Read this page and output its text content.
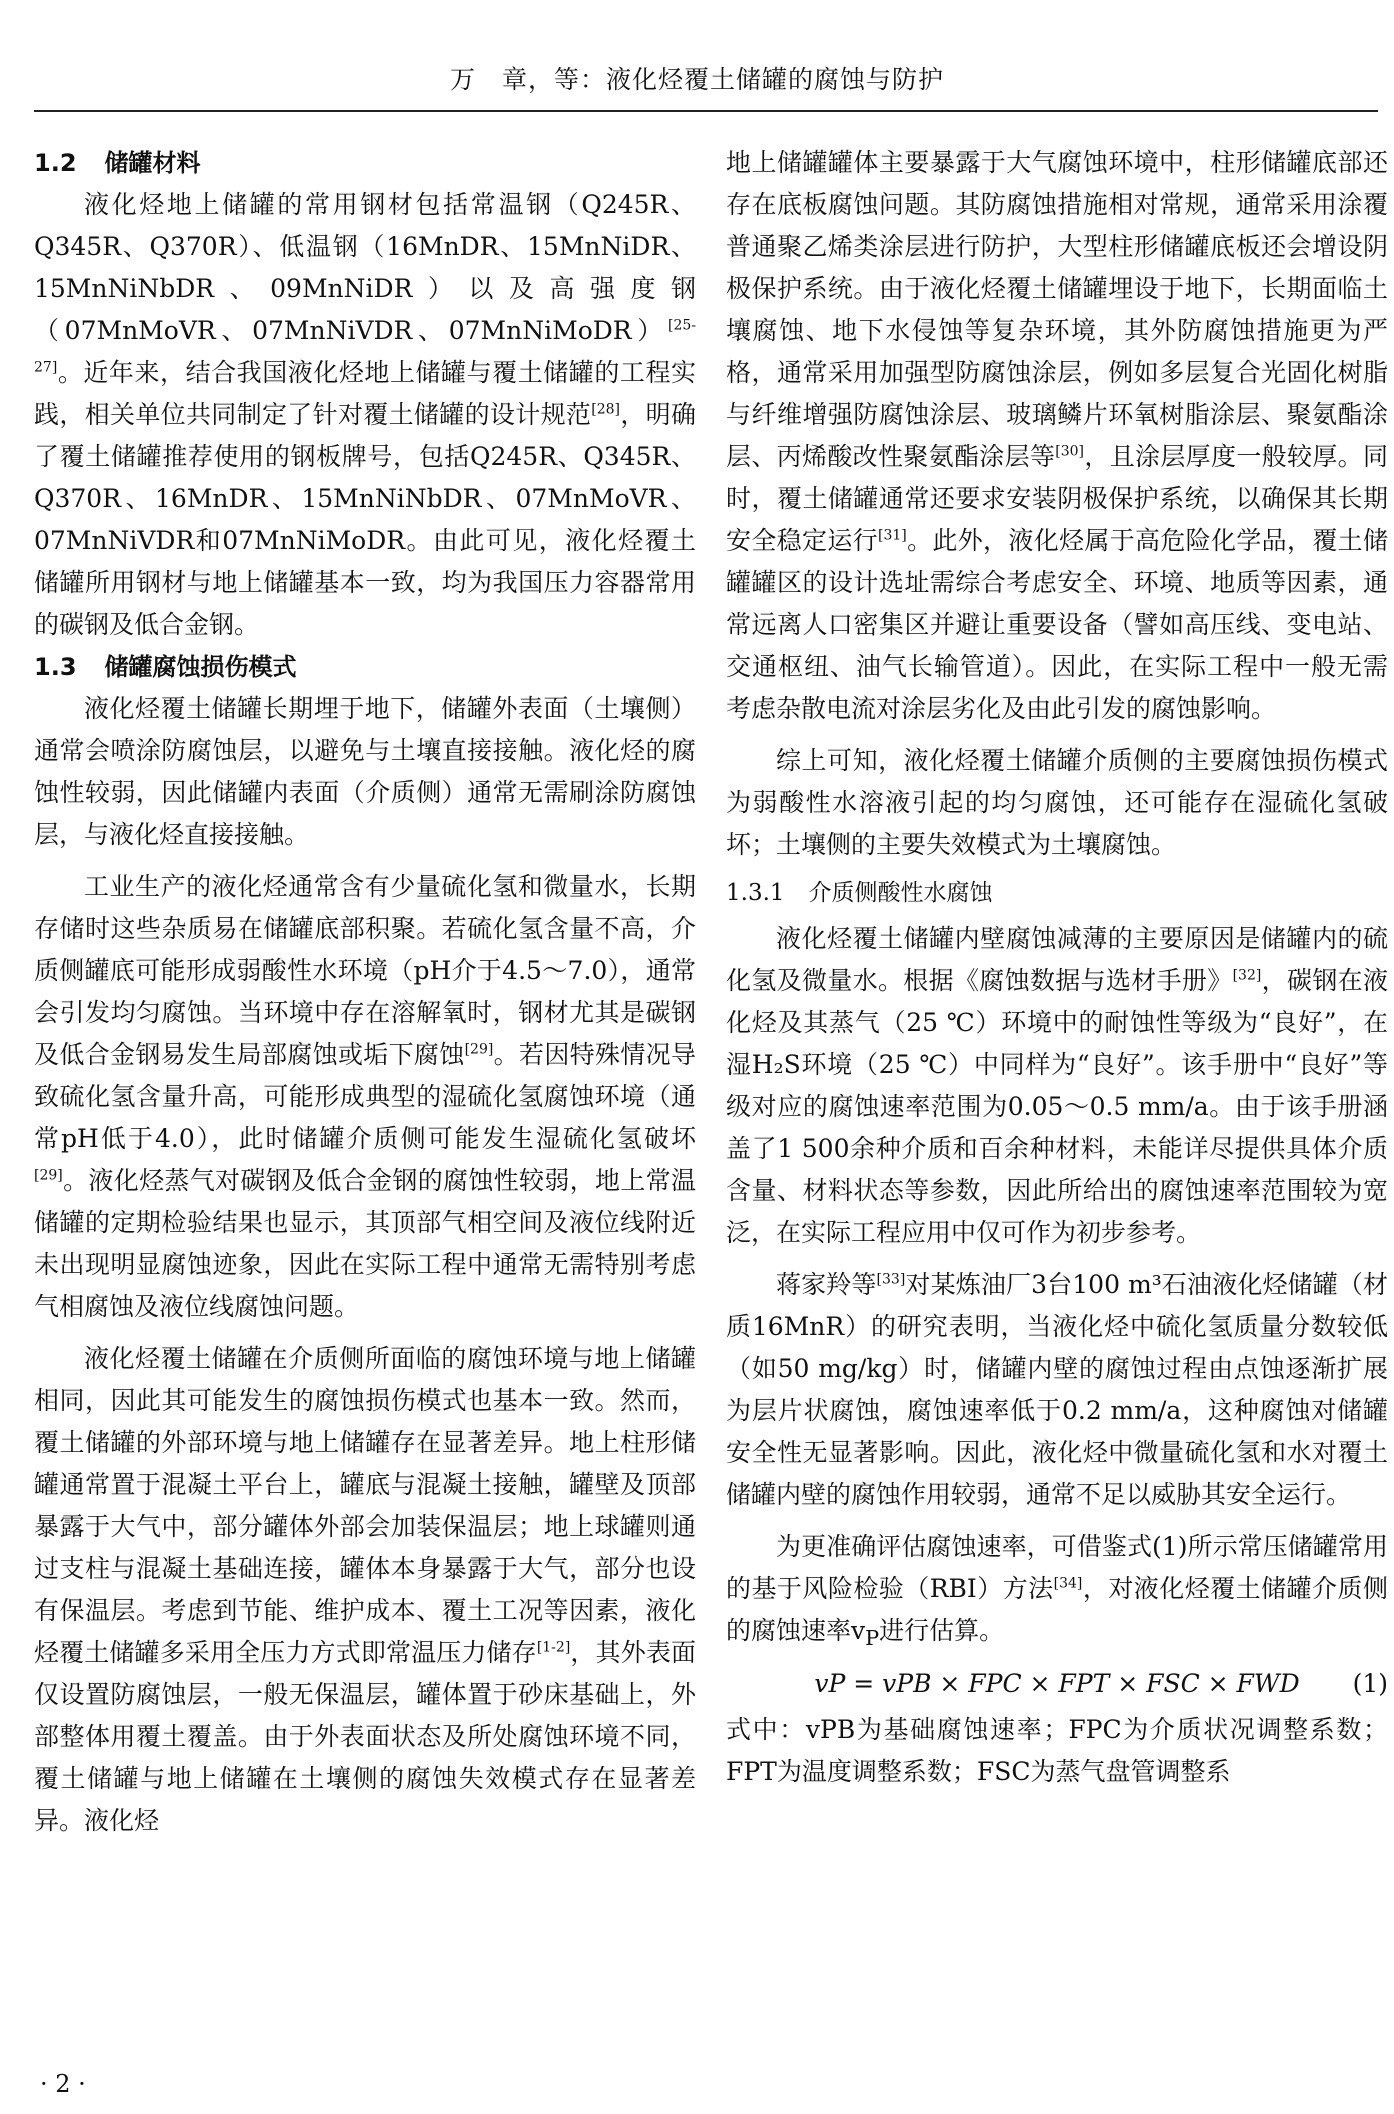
万　章，等：液化烃覆土储罐的腐蚀与防护
1.2 储罐材料

液化烃地上储罐的常用钢材包括常温钢（Q245R、Q345R、Q370R）、低温钢（16MnDR、15MnNiDR、15MnNiNbDR、09MnNiDR）以及高强度钢（07MnMoVR、07MnNiVDR、07MnNiMoDR）[25-27]。近年来，结合我国液化烃地上储罐与覆土储罐的工程实践，相关单位共同制定了针对覆土储罐的设计规范[28]，明确了覆土储罐推荐使用的钢板牌号，包括Q245R、Q345R、Q370R、16MnDR、15MnNiNbDR、07MnMoVR、07MnNiVDR和07MnNiMoDR。由此可见，液化烃覆土储罐所用钢材与地上储罐基本一致，均为我国压力容器常用的碳钢及低合金钢。

1.3 储罐腐蚀损伤模式

液化烃覆土储罐长期埋于地下，储罐外表面（土壤侧）通常会喷涂防腐蚀层，以避免与土壤直接接触。液化烃的腐蚀性较弱，因此储罐内表面（介质侧）通常无需刷涂防腐蚀层，与液化烃直接接触。

工业生产的液化烃通常含有少量硫化氢和微量水，长期存储时这些杂质易在储罐底部积聚。若硫化氢含量不高，介质侧罐底可能形成弱酸性水环境（pH介于4.5～7.0），通常会引发均匀腐蚀。当环境中存在溶解氧时，钢材尤其是碳钢及低合金钢易发生局部腐蚀或垢下腐蚀[29]。若因特殊情况导致硫化氢含量升高，可能形成典型的湿硫化氢腐蚀环境（通常pH低于4.0），此时储罐介质侧可能发生湿硫化氢破坏[29]。液化烃蒸气对碳钢及低合金钢的腐蚀性较弱，地上常温储罐的定期检验结果也显示，其顶部气相空间及液位线附近未出现明显腐蚀迹象，因此在实际工程中通常无需特别考虑气相腐蚀及液位线腐蚀问题。

液化烃覆土储罐在介质侧所面临的腐蚀环境与地上储罐相同，因此其可能发生的腐蚀损伤模式也基本一致。然而，覆土储罐的外部环境与地上储罐存在显著差异。地上柱形储罐通常置于混凝土平台上，罐底与混凝土接触，罐壁及顶部暴露于大气中，部分罐体外部会加装保温层；地上球罐则通过支柱与混凝土基础连接，罐体本身暴露于大气，部分也设有保温层。考虑到节能、维护成本、覆土工况等因素，液化烃覆土储罐多采用全压力方式即常温压力储存[1-2]，其外表面仅设置防腐蚀层，一般无保温层，罐体置于砂床基础上，外部整体用覆土覆盖。由于外表面状态及所处腐蚀环境不同，覆土储罐与地上储罐在土壤侧的腐蚀失效模式存在显著差异。液化烃

地上储罐罐体主要暴露于大气腐蚀环境中，柱形储罐底部还存在底板腐蚀问题。其防腐蚀措施相对常规，通常采用涂覆普通聚乙烯类涂层进行防护，大型柱形储罐底板还会增设阴极保护系统。由于液化烃覆土储罐埋设于地下，长期面临土壤腐蚀、地下水侵蚀等复杂环境，其外防腐蚀措施更为严格，通常采用加强型防腐蚀涂层，例如多层复合光固化树脂与纤维增强防腐蚀涂层、玻璃鳞片环氧树脂涂层、聚氨酯涂层、丙烯酸改性聚氨酯涂层等[30]，且涂层厚度一般较厚。同时，覆土储罐通常还要求安装阴极保护系统，以确保其长期安全稳定运行[31]。此外，液化烃属于高危险化学品，覆土储罐罐区的设计选址需综合考虑安全、环境、地质等因素，通常远离人口密集区并避让重要设备（譬如高压线、变电站、交通枢纽、油气长输管道）。因此，在实际工程中一般无需考虑杂散电流对涂层劣化及由此引发的腐蚀影响。

综上可知，液化烃覆土储罐介质侧的主要腐蚀损伤模式为弱酸性水溶液引起的均匀腐蚀，还可能存在湿硫化氢破坏；土壤侧的主要失效模式为土壤腐蚀。

1.3.1 介质侧酸性水腐蚀

液化烃覆土储罐内壁腐蚀减薄的主要原因是储罐内的硫化氢及微量水。根据《腐蚀数据与选材手册》[32]，碳钢在液化烃及其蒸气（25 ℃）环境中的耐蚀性等级为“良好”，在湿H₂S环境（25 ℃）中同样为“良好”。该手册中“良好”等级对应的腐蚀速率范围为0.05～0.5 mm/a。由于该手册涵盖了1 500余种介质和百余种材料，未能详尽提供具体介质含量、材料状态等参数，因此所给出的腐蚀速率范围较为宽泛，在实际工程应用中仅可作为初步参考。

蒋家羚等[33]对某炼油厂3台100 m³石油液化烃储罐（材质16MnR）的研究表明，当液化烃中硫化氢质量分数较低（如50 mg/kg）时，储罐内壁的腐蚀过程由点蚀逐渐扩展为层片状腐蚀，腐蚀速率低于0.2 mm/a，这种腐蚀对储罐安全性无显著影响。因此，液化烃中微量硫化氢和水对覆土储罐内壁的腐蚀作用较弱，通常不足以威胁其安全运行。

为更准确评估腐蚀速率，可借鉴式(1)所示常压储罐常用的基于风险检验（RBI）方法[34]，对液化烃覆土储罐介质侧的腐蚀速率$v_P$进行估算。

vP = vPB × FPC × FPT × FSC × FWD (1)

式中：vPB为基础腐蚀速率；FPC为介质状况调整系数；FPT为温度调整系数；FSC为蒸气盘管调整系

· 2 ·
